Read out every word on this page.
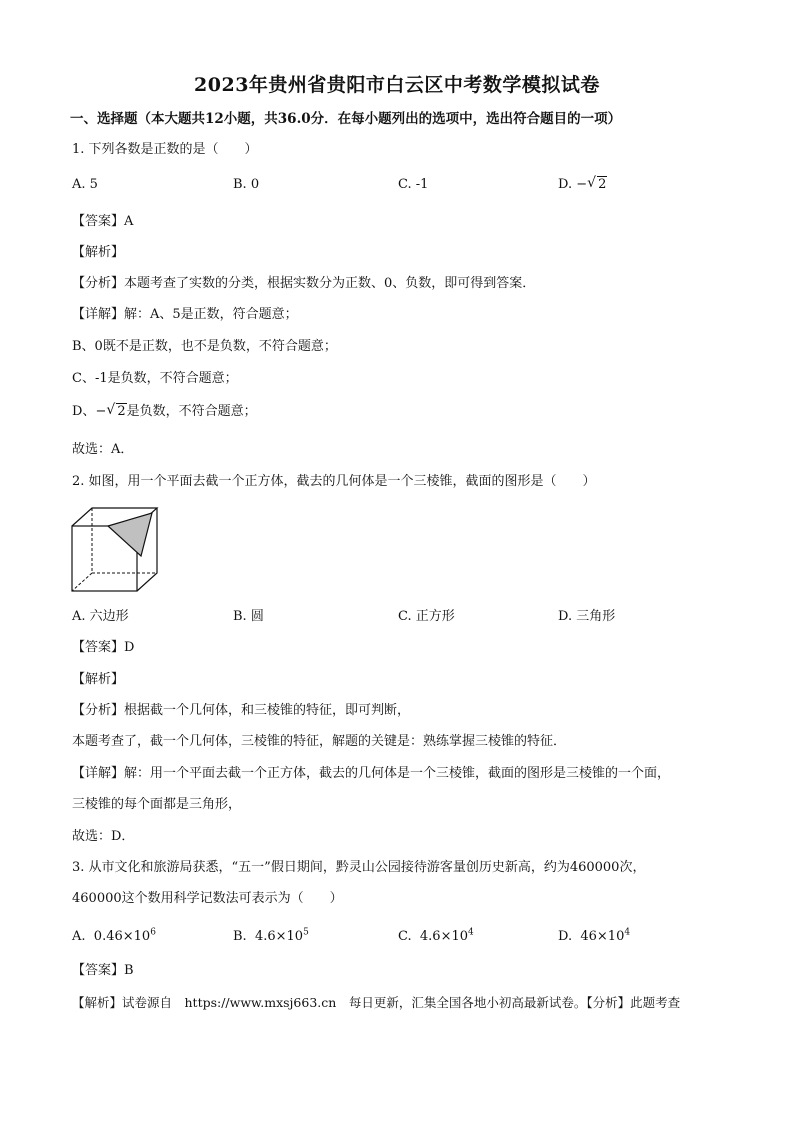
2023年贵州省贵阳市白云区中考数学模拟试卷
一、选择题（本大题共12小题，共36.0分．在每小题列出的选项中，选出符合题目的一项）
1. 下列各数是正数的是（　　）
A. 5	B. 0	C. -1	D. − √ 2
【答案】A
【解析】
【分析】本题考查了实数的分类，根据实数分为正数、0、负数，即可得到答案．
【详解】解：A、5是正数，符合题意；
B、0既不是正数，也不是负数，不符合题意；
C、-1是负数，不符合题意；
D、− √ 2是负数，不符合题意；
故选：A．
2. 如图，用一个平面去截一个正方体，截去的几何体是一个三棱锥，截面的图形是（　　）
A. 六边形	B. 圆	C. 正方形	D. 三角形
【答案】D
【解析】
【分析】根据截一个几何体，和三棱锥的特征，即可判断，
本题考查了，截一个几何体，三棱锥的特征，解题的关键是：熟练掌握三棱锥的特征．
【详解】解：用一个平面去截一个正方体，截去的几何体是一个三棱锥，截面的图形是三棱锥的一个面，
三棱锥的每个面都是三角形，
故选：D．
3. 从市文化和旅游局获悉，“五一”假日期间，黔灵山公园接待游客量创历史新高，约为460000次，
460000这个数用科学记数法可表示为（　　）
A. $0.46\times 10^6$	B. $4.6\times 10^5$	C. $4.6\times 10^4$	D. $46\times 10^4$
【答案】B
【解析】试卷源自　https://www.mxsj663.cn　每日更新，汇集全国各地小初高最新试卷。【分析】此题考查
